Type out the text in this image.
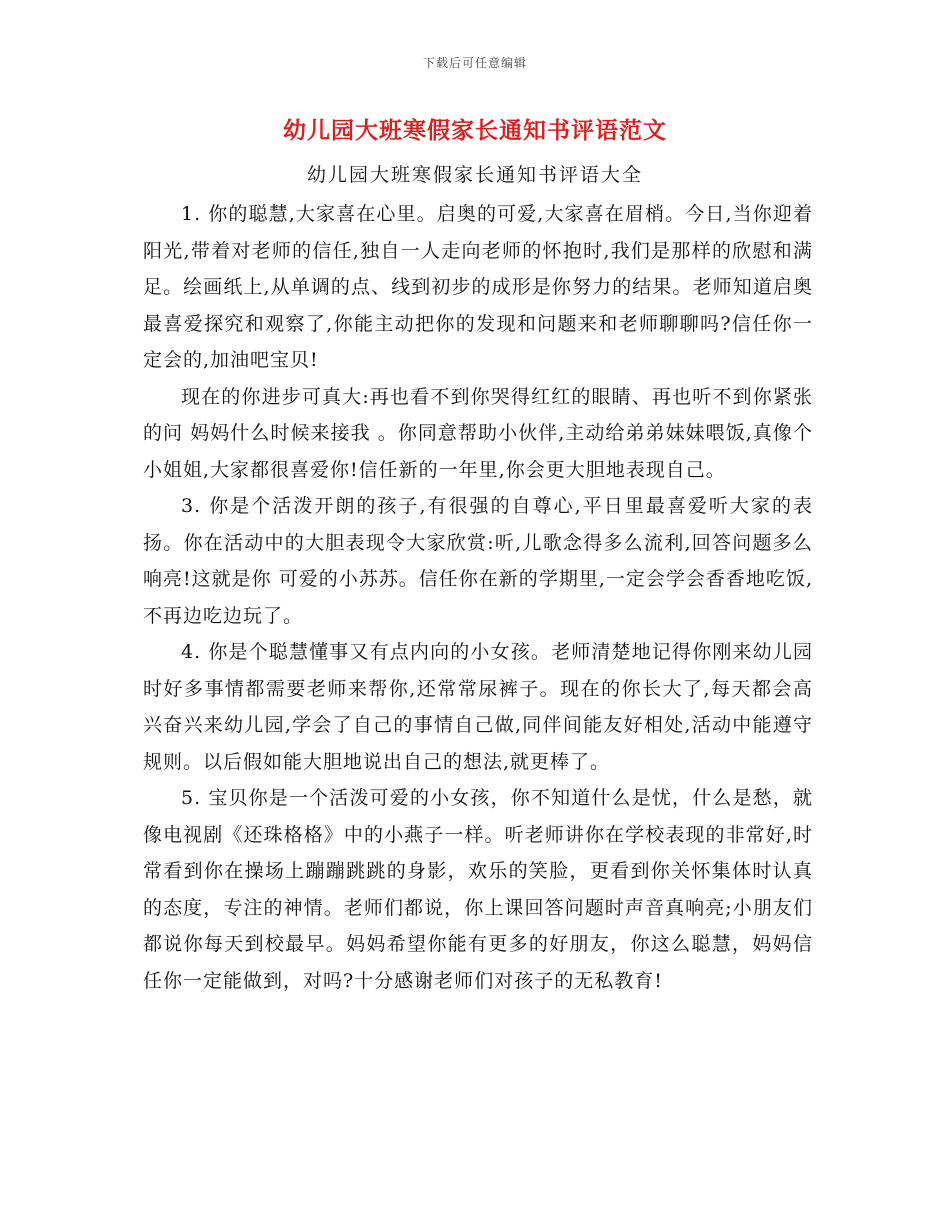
下载后可任意编辑
幼儿园大班寒假家长通知书评语范文
幼儿园大班寒假家长通知书评语大全

1. 你的聪慧,大家喜在心里。启奥的可爱,大家喜在眉梢。今日,当你迎着阳光,带着对老师的信任,独自一人走向老师的怀抱时,我们是那样的欣慰和满足。绘画纸上,从单调的点、线到初步的成形是你努力的结果。老师知道启奥最喜爱探究和观察了,你能主动把你的发现和问题来和老师聊聊吗?信任你一定会的,加油吧宝贝!

现在的你进步可真大:再也看不到你哭得红红的眼睛、再也听不到你紧张的问 妈妈什么时候来接我 。你同意帮助小伙伴,主动给弟弟妹妹喂饭,真像个小姐姐,大家都很喜爱你!信任新的一年里,你会更大胆地表现自己。

3. 你是个活泼开朗的孩子,有很强的自尊心,平日里最喜爱听大家的表扬。你在活动中的大胆表现令大家欣赏:听,儿歌念得多么流利,回答问题多么响亮!这就是你 可爱的小苏苏。信任你在新的学期里,一定会学会香香地吃饭,不再边吃边玩了。

4. 你是个聪慧懂事又有点内向的小女孩。老师清楚地记得你刚来幼儿园时好多事情都需要老师来帮你,还常常尿裤子。现在的你长大了,每天都会高兴奋兴来幼儿园,学会了自己的事情自己做,同伴间能友好相处,活动中能遵守规则。以后假如能大胆地说出自己的想法,就更棒了。

5. 宝贝你是一个活泼可爱的小女孩，你不知道什么是忧，什么是愁，就像电视剧《还珠格格》中的小燕子一样。听老师讲你在学校表现的非常好,时常看到你在操场上蹦蹦跳跳的身影，欢乐的笑脸，更看到你关怀集体时认真的态度，专注的神情。老师们都说，你上课回答问题时声音真响亮;小朋友们都说你每天到校最早。妈妈希望你能有更多的好朋友，你这么聪慧，妈妈信任你一定能做到，对吗?十分感谢老师们对孩子的无私教育!
